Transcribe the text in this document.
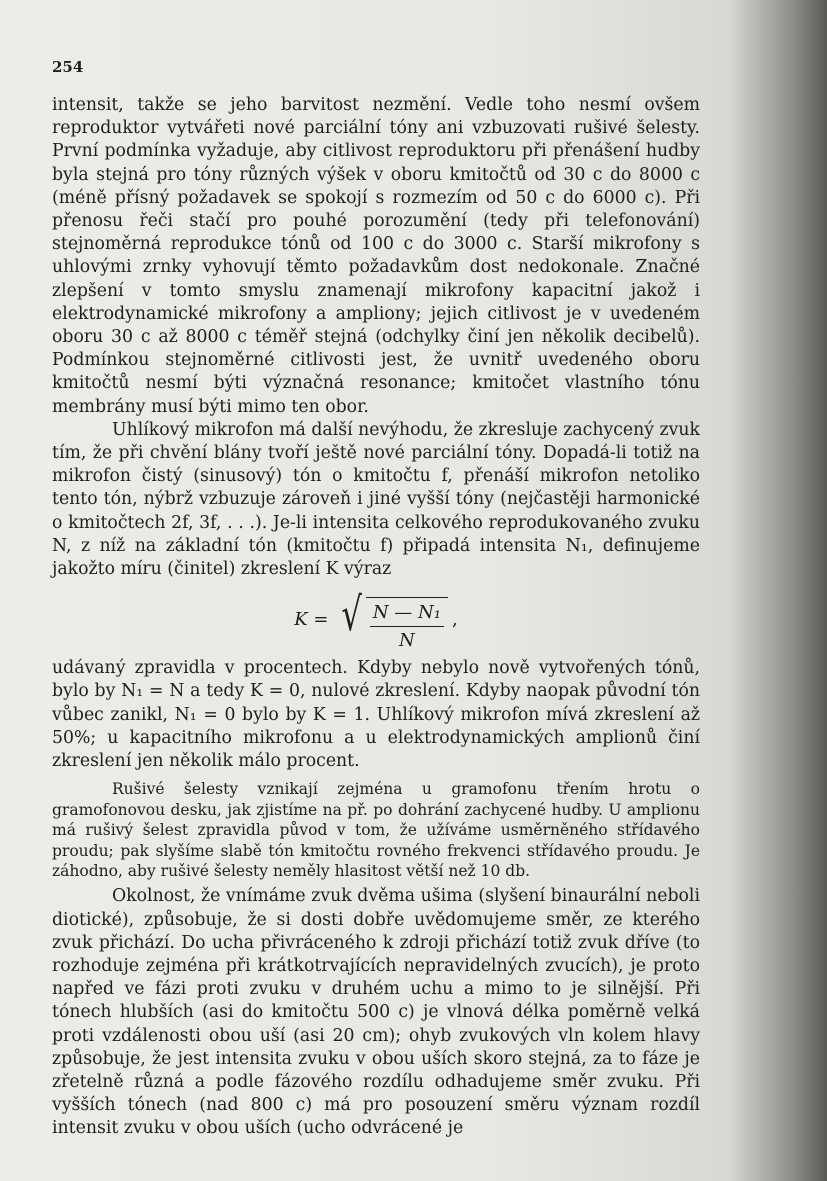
254

intensit, takže se jeho barvitost nezmění. Vedle toho nesmí ovšem reproduktor vytvářeti nové parciální tóny ani vzbuzovati rušivé šelesty. První podmínka vyžaduje, aby citlivost reproduktoru při přenášení hudby byla stejná pro tóny různých výšek v oboru kmitočtů od 30 c do 8000 c (méně přísný požadavek se spokojí s rozmezím od 50 c do 6000 c). Při přenosu řeči stačí pro pouhé porozumění (tedy při telefonování) stejnoměrná reprodukce tónů od 100 c do 3000 c. Starší mikrofony s uhlovými zrnky vyhovují těmto požadavkům dost nedokonale. Značné zlepšení v tomto smyslu znamenají mikrofony kapacitní jakož i elektrodynamické mikrofony a ampliony; jejich citlivost je v uvedeném oboru 30 c až 8000 c téměř stejná (odchylky činí jen několik decibelů). Podmínkou stejnoměrné citlivosti jest, že uvnitř uvedeného oboru kmitočtů nesmí býti význačná resonance; kmitočet vlastního tónu membrány musí býti mimo ten obor.

Uhlíkový mikrofon má další nevýhodu, že zkresluje zachycený zvuk tím, že při chvění blány tvoří ještě nové parciální tóny. Dopadá-li totiž na mikrofon čistý (sinusový) tón o kmitočtu f, přenáší mikrofon netoliko tento tón, nýbrž vzbuzuje zároveň i jiné vyšší tóny (nejčastěji harmonické o kmitočtech 2f, 3f, . . .). Je-li intensita celkového reprodukovaného zvuku N, z níž na základní tón (kmitočtu f) připadá intensita N₁, definujeme jakožto míru (činitel) zkreslení K výraz

K = √ $\frac{\text{N — N₁}}{N}$ ,

udávaný zpravidla v procentech. Kdyby nebylo nově vytvořených tónů, bylo by N₁ = N a tedy K = 0, nulové zkreslení. Kdyby naopak původní tón vůbec zanikl, N₁ = 0 bylo by K = 1. Uhlíkový mikrofon mívá zkreslení až 50%; u kapacitního mikrofonu a u elektrodynamických amplionů činí zkreslení jen několik málo procent.

Rušivé šelesty vznikají zejména u gramofonu třením hrotu o gramofonovou desku, jak zjistíme na př. po dohrání zachycené hudby. U amplionu má rušivý šelest zpravidla původ v tom, že užíváme usměrněného střídavého proudu; pak slyšíme slabě tón kmitočtu rovného frekvenci střídavého proudu. Je záhodno, aby rušivé šelesty neměly hlasitost větší než 10 db.

Okolnost, že vnímáme zvuk dvěma ušima (slyšení binaurální neboli diotické), způsobuje, že si dosti dobře uvědomujeme směr, ze kterého zvuk přichází. Do ucha přivráceného k zdroji přichází totiž zvuk dříve (to rozhoduje zejména při krátkotrvajících nepravidelných zvucích), je proto napřed ve fázi proti zvuku v druhém uchu a mimo to je silnější. Při tónech hlubších (asi do kmitočtu 500 c) je vlnová délka poměrně velká proti vzdálenosti obou uší (asi 20 cm); ohyb zvukových vln kolem hlavy způsobuje, že jest intensita zvuku v obou uších skoro stejná, za to fáze je zřetelně různá a podle fázového rozdílu odhadujeme směr zvuku. Při vyšších tónech (nad 800 c) má pro posouzení směru význam rozdíl intensit zvuku v obou uších (ucho odvrácené je
